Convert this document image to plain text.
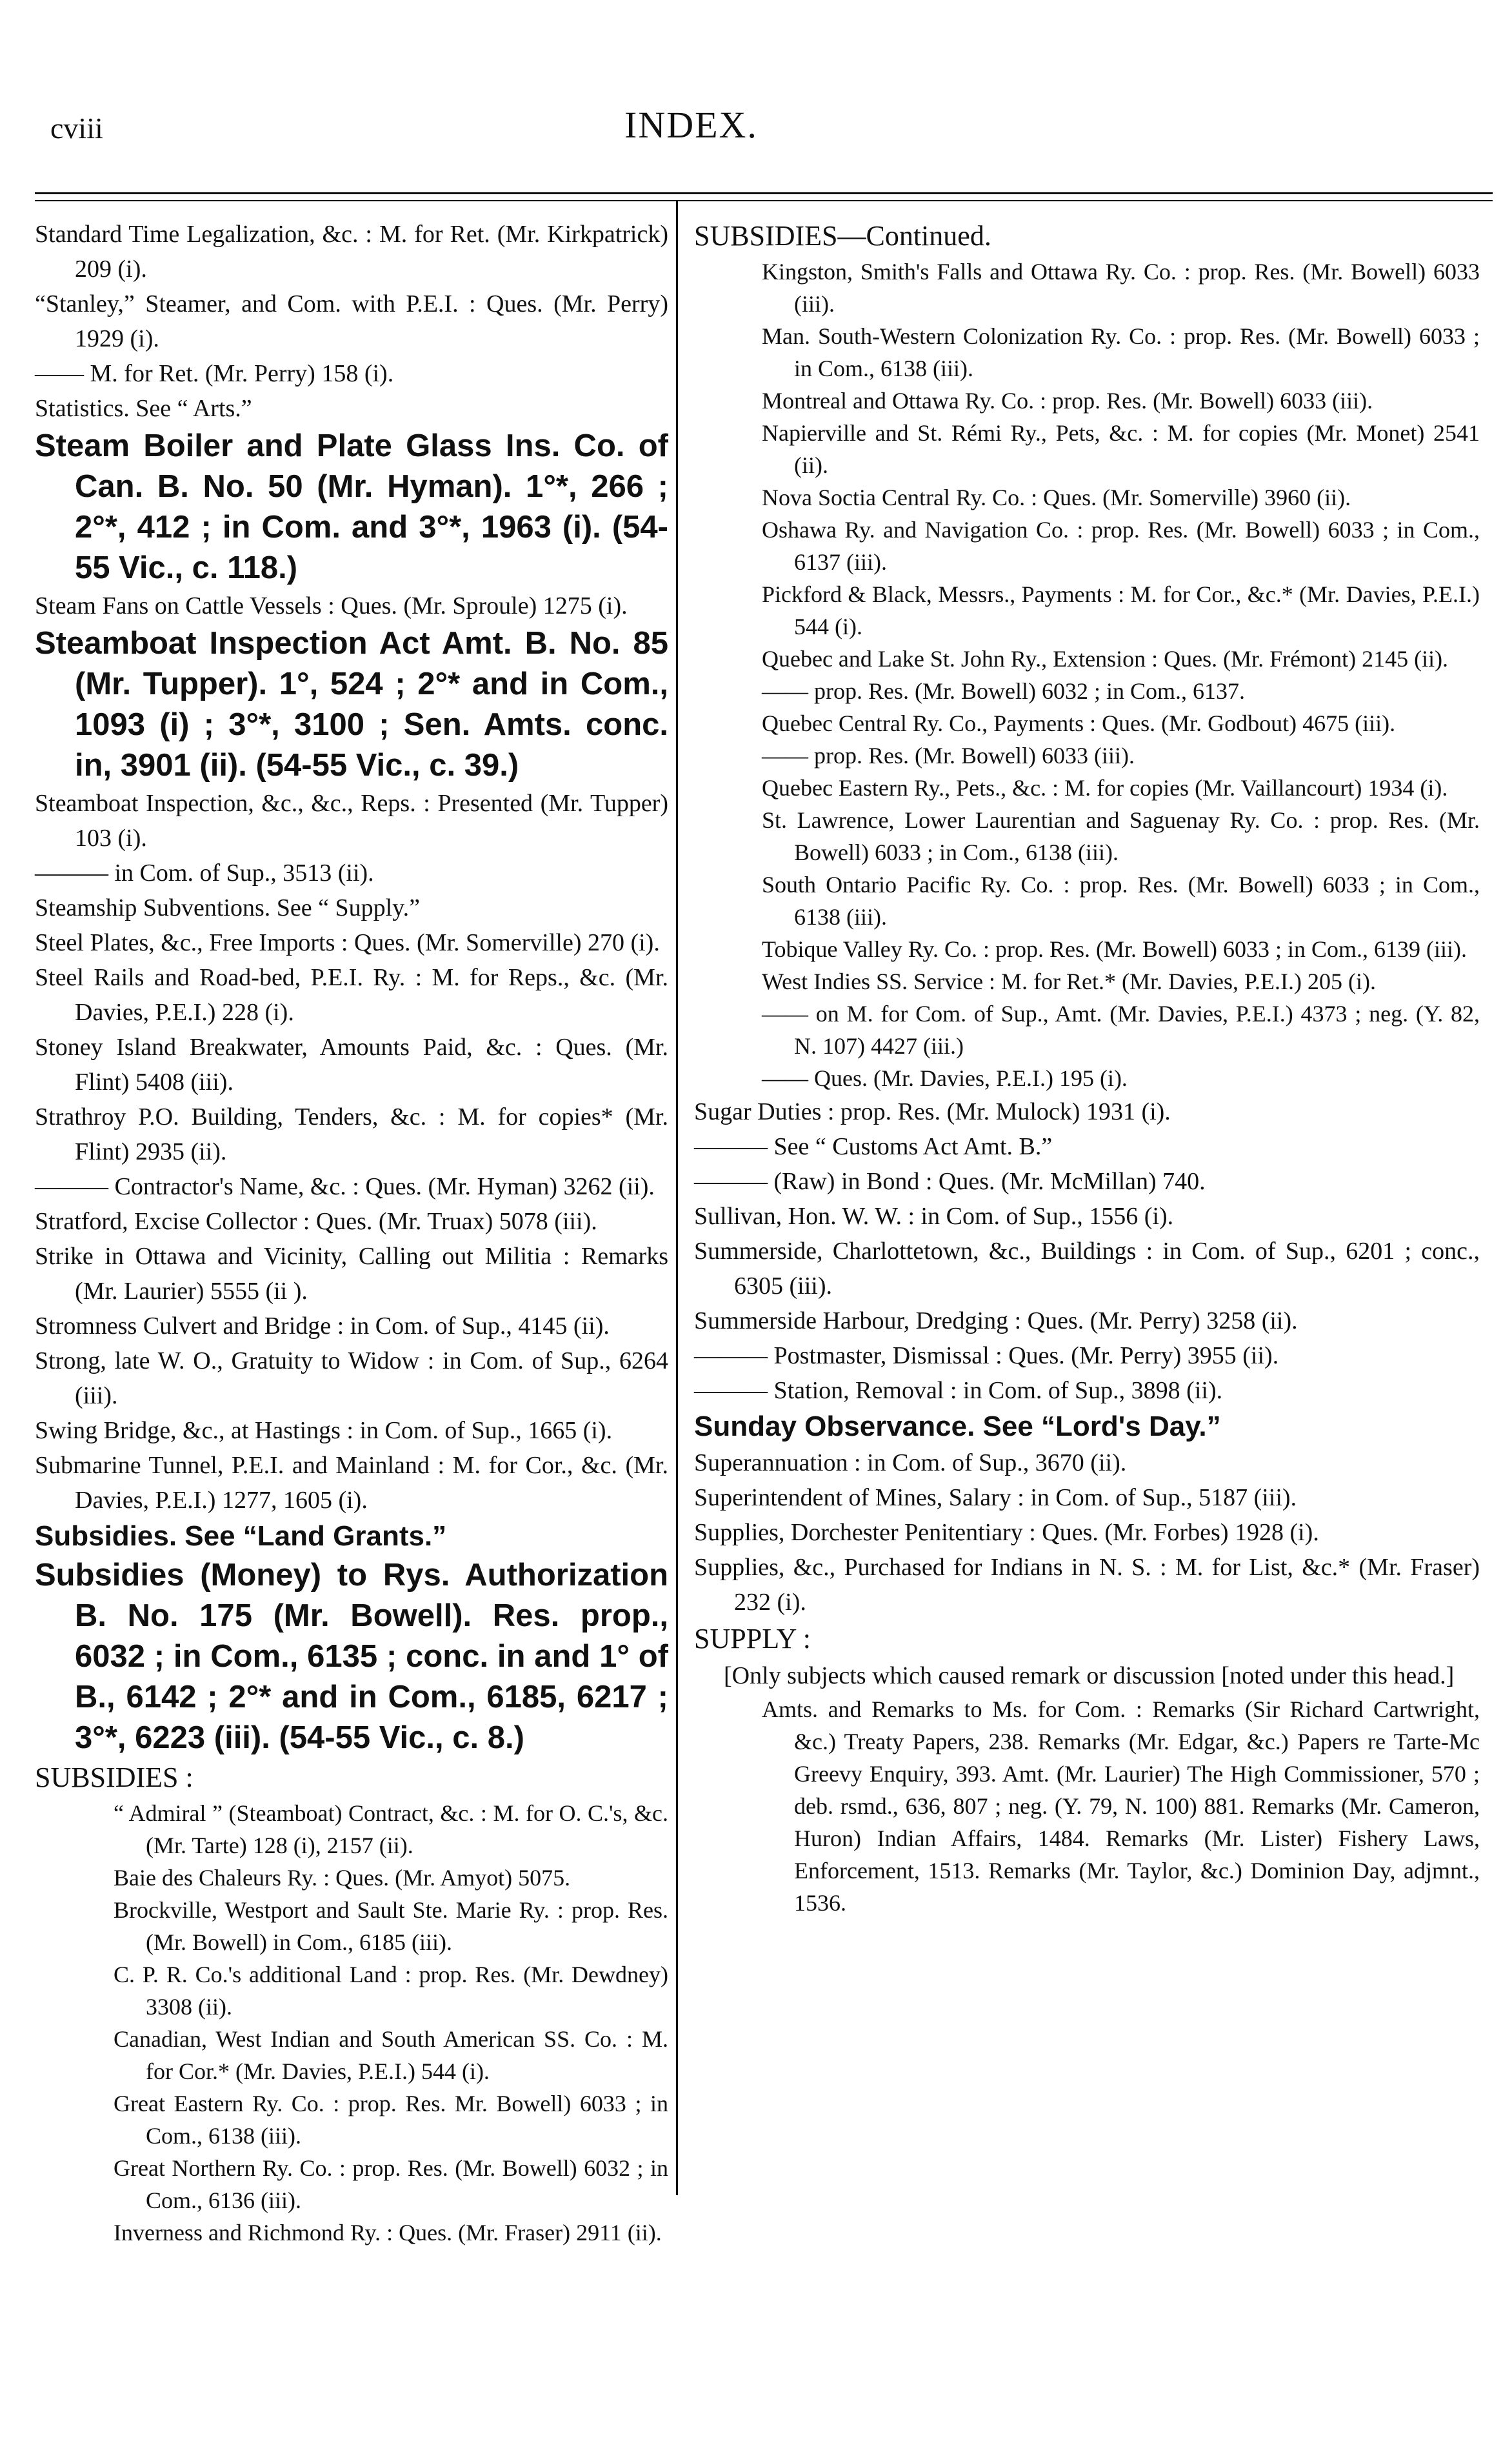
cviii	INDEX.
Standard Time Legalization, &c. : M. for Ret. (Mr. Kirkpatrick) 209 (i).
“Stanley,” Steamer, and Com. with P.E.I. : Ques. (Mr. Perry) 1929 (i).
—— M. for Ret. (Mr. Perry) 158 (i).
Statistics. See “ Arts.”
Steam Boiler and Plate Glass Ins. Co. of Can. B. No. 50 (Mr. Hyman). 1°*, 266 ; 2°*, 412 ; in Com. and 3°*, 1963 (i). (54-55 Vic., c. 118.)
Steam Fans on Cattle Vessels : Ques. (Mr. Sproule) 1275 (i).
Steamboat Inspection Act Amt. B. No. 85 (Mr. Tupper). 1°, 524 ; 2°* and in Com., 1093 (i) ; 3°*, 3100 ; Sen. Amts. conc. in, 3901 (ii). (54-55 Vic., c. 39.)
Steamboat Inspection, &c., &c., Reps. : Presented (Mr. Tupper) 103 (i).
——— in Com. of Sup., 3513 (ii).
Steamship Subventions. See “ Supply.”
Steel Plates, &c., Free Imports : Ques. (Mr. Somerville) 270 (i).
Steel Rails and Road-bed, P.E.I. Ry. : M. for Reps., &c. (Mr. Davies, P.E.I.) 228 (i).
Stoney Island Breakwater, Amounts Paid, &c. : Ques. (Mr. Flint) 5408 (iii).
Strathroy P.O. Building, Tenders, &c. : M. for copies* (Mr. Flint) 2935 (ii).
——— Contractor's Name, &c. : Ques. (Mr. Hyman) 3262 (ii).
Stratford, Excise Collector : Ques. (Mr. Truax) 5078 (iii).
Strike in Ottawa and Vicinity, Calling out Militia : Remarks (Mr. Laurier) 5555 (ii ).
Stromness Culvert and Bridge : in Com. of Sup., 4145 (ii).
Strong, late W. O., Gratuity to Widow : in Com. of Sup., 6264 (iii).
Swing Bridge, &c., at Hastings : in Com. of Sup., 1665 (i).
Submarine Tunnel, P.E.I. and Mainland : M. for Cor., &c. (Mr. Davies, P.E.I.) 1277, 1605 (i).
Subsidies. See “Land Grants.”
Subsidies (Money) to Rys. Authorization B. No. 175 (Mr. Bowell). Res. prop., 6032 ; in Com., 6135 ; conc. in and 1° of B., 6142 ; 2°* and in Com., 6185, 6217 ; 3°*, 6223 (iii). (54-55 Vic., c. 8.)
SUBSIDIES :
“ Admiral ” (Steamboat) Contract, &c. : M. for O. C.'s, &c. (Mr. Tarte) 128 (i), 2157 (ii).
Baie des Chaleurs Ry. : Ques. (Mr. Amyot) 5075.
Brockville, Westport and Sault Ste. Marie Ry. : prop. Res. (Mr. Bowell) in Com., 6185 (iii).
C. P. R. Co.'s additional Land : prop. Res. (Mr. Dewdney) 3308 (ii).
Canadian, West Indian and South American SS. Co. : M. for Cor.* (Mr. Davies, P.E.I.) 544 (i).
Great Eastern Ry. Co. : prop. Res. Mr. Bowell) 6033 ; in Com., 6138 (iii).
Great Northern Ry. Co. : prop. Res. (Mr. Bowell) 6032 ; in Com., 6136 (iii).
Inverness and Richmond Ry. : Ques. (Mr. Fraser) 2911 (ii).
SUBSIDIES—Continued.
Kingston, Smith's Falls and Ottawa Ry. Co. : prop. Res. (Mr. Bowell) 6033 (iii).
Man. South-Western Colonization Ry. Co. : prop. Res. (Mr. Bowell) 6033 ; in Com., 6138 (iii).
Montreal and Ottawa Ry. Co. : prop. Res. (Mr. Bowell) 6033 (iii).
Napierville and St. Rémi Ry., Pets, &c. : M. for copies (Mr. Monet) 2541 (ii).
Nova Soctia Central Ry. Co. : Ques. (Mr. Somerville) 3960 (ii).
Oshawa Ry. and Navigation Co. : prop. Res. (Mr. Bowell) 6033 ; in Com., 6137 (iii).
Pickford & Black, Messrs., Payments : M. for Cor., &c.* (Mr. Davies, P.E.I.) 544 (i).
Quebec and Lake St. John Ry., Extension : Ques. (Mr. Frémont) 2145 (ii).
—— prop. Res. (Mr. Bowell) 6032 ; in Com., 6137.
Quebec Central Ry. Co., Payments : Ques. (Mr. Godbout) 4675 (iii).
—— prop. Res. (Mr. Bowell) 6033 (iii).
Quebec Eastern Ry., Pets., &c. : M. for copies (Mr. Vaillancourt) 1934 (i).
St. Lawrence, Lower Laurentian and Saguenay Ry. Co. : prop. Res. (Mr. Bowell) 6033 ; in Com., 6138 (iii).
South Ontario Pacific Ry. Co. : prop. Res. (Mr. Bowell) 6033 ; in Com., 6138 (iii).
Tobique Valley Ry. Co. : prop. Res. (Mr. Bowell) 6033 ; in Com., 6139 (iii).
West Indies SS. Service : M. for Ret.* (Mr. Davies, P.E.I.) 205 (i).
—— on M. for Com. of Sup., Amt. (Mr. Davies, P.E.I.) 4373 ; neg. (Y. 82, N. 107) 4427 (iii.)
—— Ques. (Mr. Davies, P.E.I.) 195 (i).
Sugar Duties : prop. Res. (Mr. Mulock) 1931 (i).
——— See “ Customs Act Amt. B.”
——— (Raw) in Bond : Ques. (Mr. McMillan) 740.
Sullivan, Hon. W. W. : in Com. of Sup., 1556 (i).
Summerside, Charlottetown, &c., Buildings : in Com. of Sup., 6201 ; conc., 6305 (iii).
Summerside Harbour, Dredging : Ques. (Mr. Perry) 3258 (ii).
——— Postmaster, Dismissal : Ques. (Mr. Perry) 3955 (ii).
——— Station, Removal : in Com. of Sup., 3898 (ii).
Sunday Observance. See “Lord's Day.”
Superannuation : in Com. of Sup., 3670 (ii).
Superintendent of Mines, Salary : in Com. of Sup., 5187 (iii).
Supplies, Dorchester Penitentiary : Ques. (Mr. Forbes) 1928 (i).
Supplies, &c., Purchased for Indians in N. S. : M. for List, &c.* (Mr. Fraser) 232 (i).
SUPPLY :
[Only subjects which caused remark or discussion [noted under this head.]
Amts. and Remarks to Ms. for Com. : Remarks (Sir Richard Cartwright, &c.) Treaty Papers, 238. Remarks (Mr. Edgar, &c.) Papers re Tarte-Mc Greevy Enquiry, 393. Amt. (Mr. Laurier) The High Commissioner, 570 ; deb. rsmd., 636, 807 ; neg. (Y. 79, N. 100) 881. Remarks (Mr. Cameron, Huron) Indian Affairs, 1484. Remarks (Mr. Lister) Fishery Laws, Enforcement, 1513. Remarks (Mr. Taylor, &c.) Dominion Day, adjmnt., 1536.
